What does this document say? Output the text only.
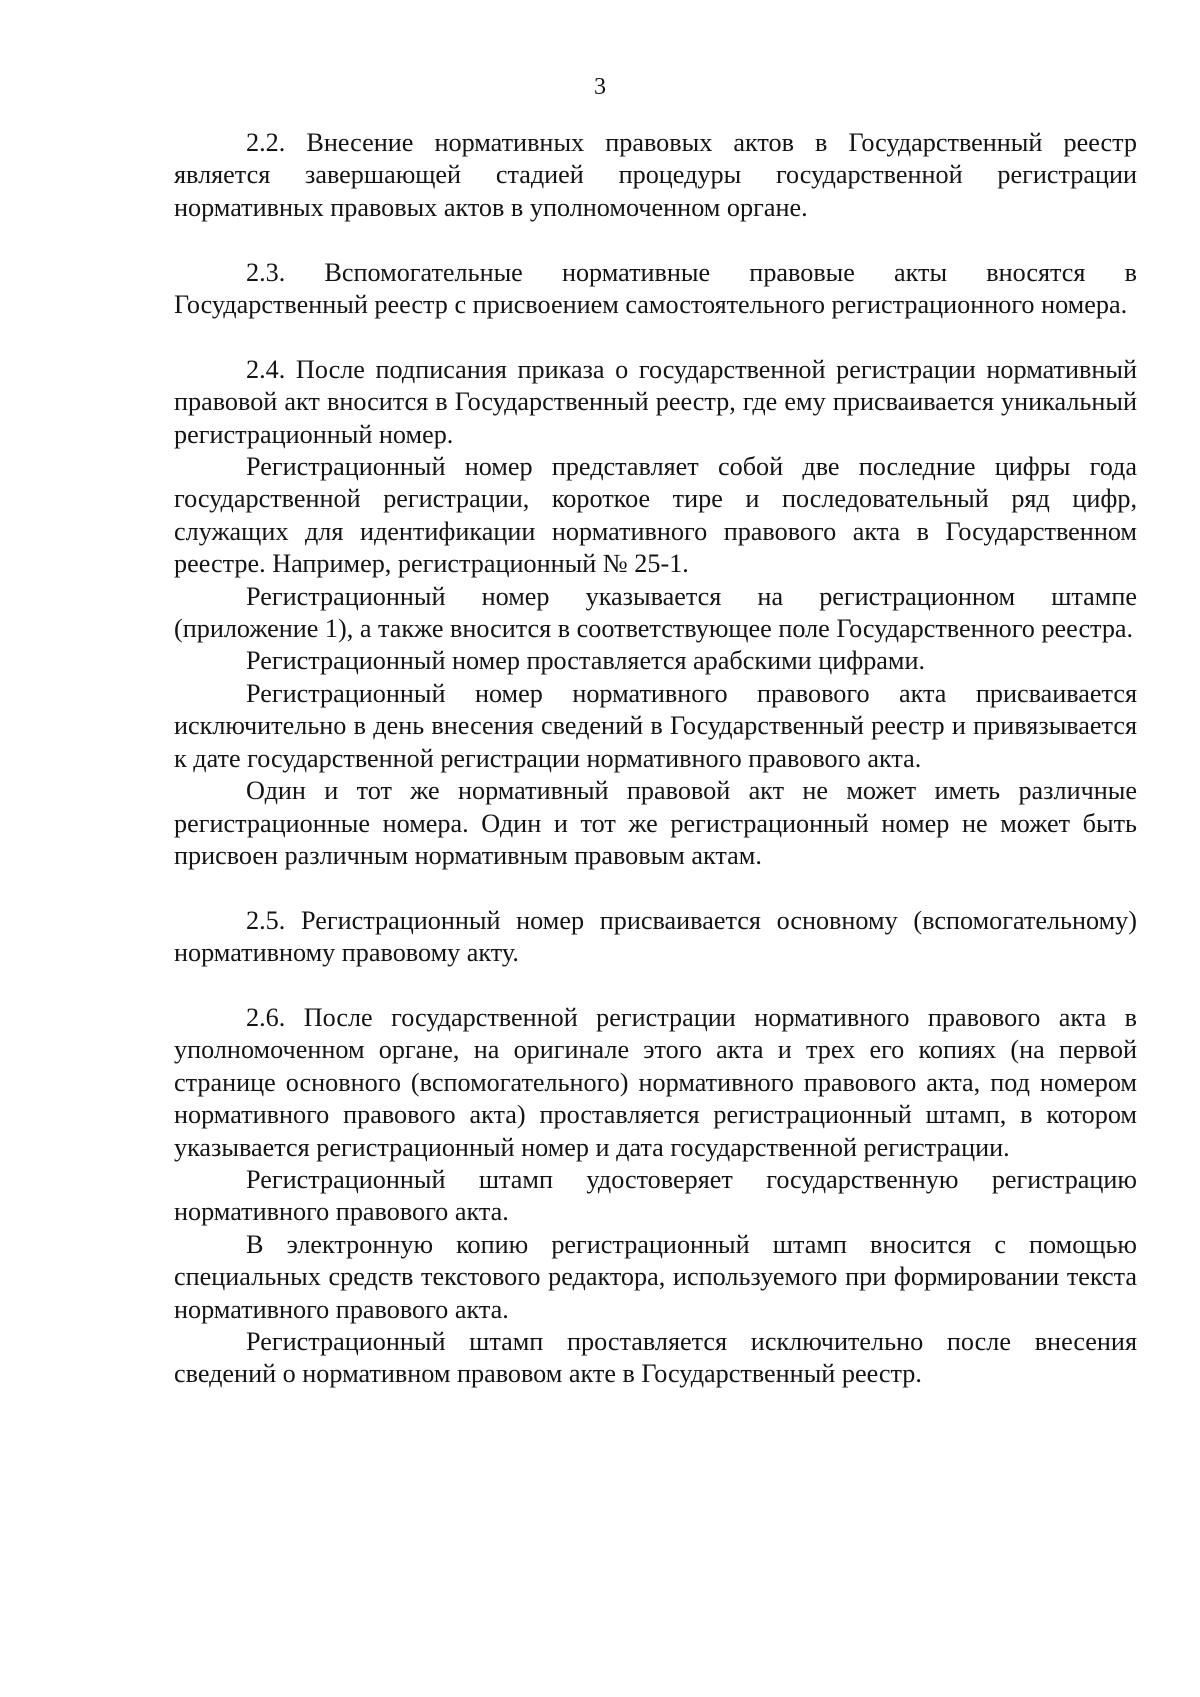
3

2.2. Внесение нормативных правовых актов в Государственный реестр является завершающей стадией процедуры государственной регистрации нормативных правовых актов в уполномоченном органе.

2.3. Вспомогательные нормативные правовые акты вносятся в Государственный реестр с присвоением самостоятельного регистрационного номера.

2.4. После подписания приказа о государственной регистрации нормативный правовой акт вносится в Государственный реестр, где ему присваивается уникальный регистрационный номер.

Регистрационный номер представляет собой две последние цифры года государственной регистрации, короткое тире и последовательный ряд цифр, служащих для идентификации нормативного правового акта в Государственном реестре. Например, регистрационный № 25-1.

Регистрационный номер указывается на регистрационном штампе (приложение 1), а также вносится в соответствующее поле Государственного реестра.

Регистрационный номер проставляется арабскими цифрами.

Регистрационный номер нормативного правового акта присваивается исключительно в день внесения сведений в Государственный реестр и привязывается к дате государственной регистрации нормативного правового акта.

Один и тот же нормативный правовой акт не может иметь различные регистрационные номера. Один и тот же регистрационный номер не может быть присвоен различным нормативным правовым актам.

2.5. Регистрационный номер присваивается основному (вспомогательному) нормативному правовому акту.

2.6. После государственной регистрации нормативного правового акта в уполномоченном органе, на оригинале этого акта и трех его копиях (на первой странице основного (вспомогательного) нормативного правового акта, под номером нормативного правового акта) проставляется регистрационный штамп, в котором указывается регистрационный номер и дата государственной регистрации.

Регистрационный штамп удостоверяет государственную регистрацию нормативного правового акта.

В электронную копию регистрационный штамп вносится с помощью специальных средств текстового редактора, используемого при формировании текста нормативного правового акта.

Регистрационный штамп проставляется исключительно после внесения сведений о нормативном правовом акте в Государственный реестр.
